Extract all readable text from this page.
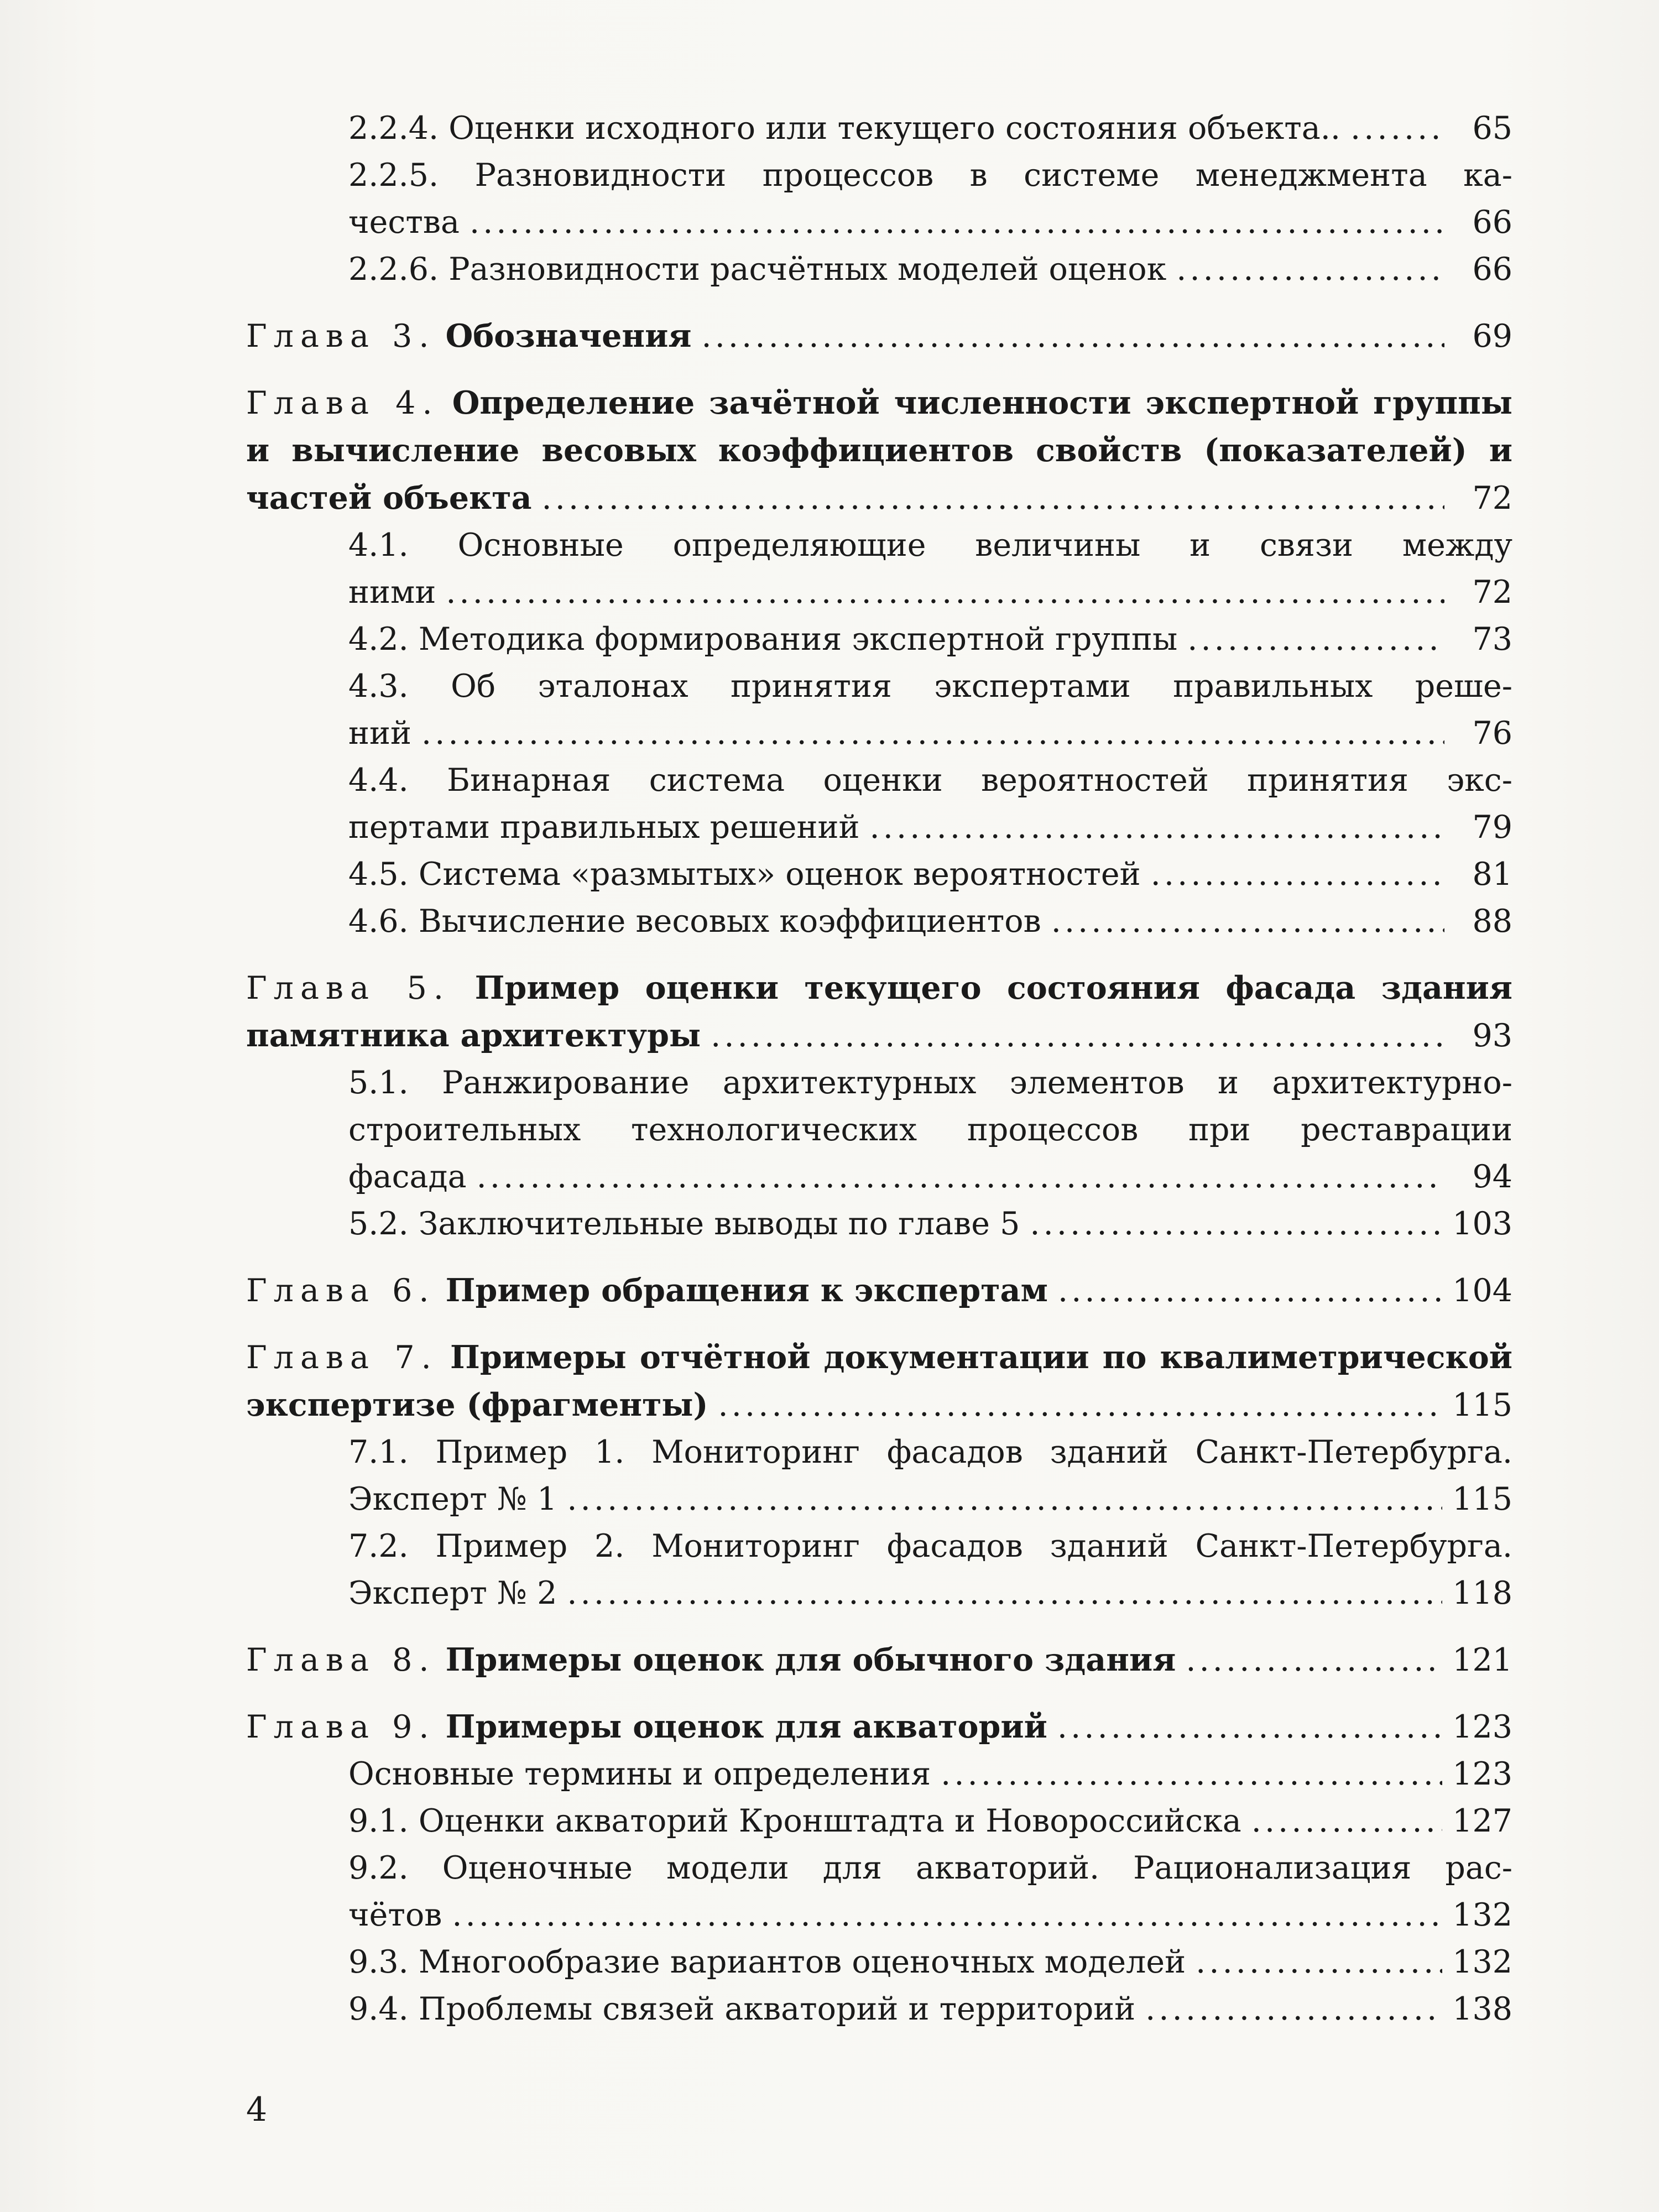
2.2.4. Оценки исходного или текущего состояния объекта.. . . .	65
2.2.5. Разновидности процессов в системе менеджмента ка-
чества . . .	66
2.2.6. Разновидности расчётных моделей оценок . . .	66
Глава 3.
Обозначения . . .	69
Глава 4. Определение зачётной численности экспертной группы
и вычисление весовых коэффициентов свойств (показателей) и
частей объекта . . .	72
4.1. Основные определяющие величины и связи между
ними . . .	72
4.2. Методика формирования экспертной группы . . .	73
4.3. Об эталонах принятия экспертами правильных реше-
ний . . .	76
4.4. Бинарная система оценки вероятностей принятия экс-
пертами правильных решений . . .	79
4.5. Система «размытых» оценок вероятностей . . .	81
4.6. Вычисление весовых коэффициентов . . .	88
Глава 5. Пример оценки текущего состояния фасада здания
памятника архитектуры . . .	93
5.1. Ранжирование архитектурных элементов и архитектурно-
строительных технологических процессов при реставрации
фасада . . .	94
5.2. Заключительные выводы по главе 5 . . .	103
Глава 6.
Пример обращения к экспертам . . .	104
Глава 7. Примеры отчётной документации по квалиметрической
экспертизе (фрагменты) . . .	115
7.1. Пример 1. Мониторинг фасадов зданий Санкт-Петербурга.
Эксперт № 1 . . .	115
7.2. Пример 2. Мониторинг фасадов зданий Санкт-Петербурга.
Эксперт № 2 . . .	118
Глава 8.
Примеры оценок для обычного здания . . .	121
Глава 9.
Примеры оценок для акваторий . . .	123
Основные термины и определения . . .	123
9.1. Оценки акваторий Кронштадта и Новороссийска . . .	127
9.2. Оценочные модели для акваторий. Рационализация рас-
чётов . . .	132
9.3. Многообразие вариантов оценочных моделей . . .	132
9.4. Проблемы связей акваторий и территорий . . .	138
4
